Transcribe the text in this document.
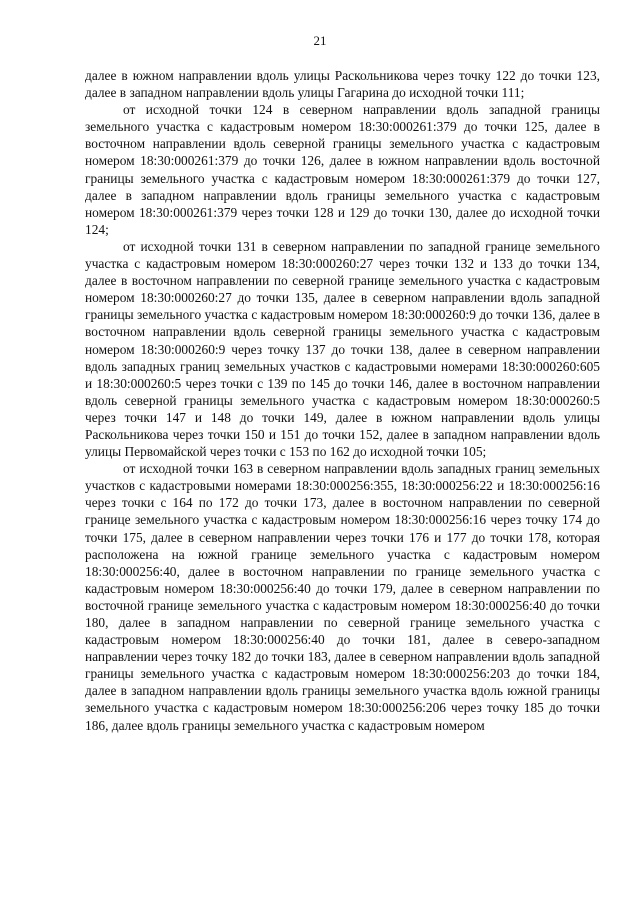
21

далее в южном направлении вдоль улицы Раскольникова через точку 122 до точки 123, далее в западном направлении вдоль улицы Гагарина до исходной точки 111;

от исходной точки 124 в северном направлении вдоль западной границы земельного участка с кадастровым номером 18:30:000261:379 до точки 125, далее в восточном направлении вдоль северной границы земельного участка с кадастровым номером 18:30:000261:379 до точки 126, далее в южном направлении вдоль восточной границы земельного участка с кадастровым номером 18:30:000261:379 до точки 127, далее в западном направлении вдоль границы земельного участка с кадастровым номером 18:30:000261:379 через точки 128 и 129 до точки 130, далее до исходной точки 124;

от исходной точки 131 в северном направлении по западной границе земельного участка с кадастровым номером 18:30:000260:27 через точки 132 и 133 до точки 134, далее в восточном направлении по северной границе земельного участка с кадастровым номером 18:30:000260:27 до точки 135, далее в северном направлении вдоль западной границы земельного участка с кадастровым номером 18:30:000260:9 до точки 136, далее в восточном направлении вдоль северной границы земельного участка с кадастровым номером 18:30:000260:9 через точку 137 до точки 138, далее в северном направлении вдоль западных границ земельных участков с кадастровыми номерами 18:30:000260:605 и 18:30:000260:5 через точки с 139 по 145 до точки 146, далее в восточном направлении вдоль северной границы земельного участка с кадастровым номером 18:30:000260:5 через точки 147 и 148 до точки 149, далее в южном направлении вдоль улицы Раскольникова через точки 150 и 151 до точки 152, далее в западном направлении вдоль улицы Первомайской через точки с 153 по 162 до исходной точки 105;

от исходной точки 163 в северном направлении вдоль западных границ земельных участков с кадастровыми номерами 18:30:000256:355, 18:30:000256:22 и 18:30:000256:16 через точки с 164 по 172 до точки 173, далее в восточном направлении по северной границе земельного участка с кадастровым номером 18:30:000256:16 через точку 174 до точки 175, далее в северном направлении через точки 176 и 177 до точки 178, которая расположена на южной границе земельного участка с кадастровым номером 18:30:000256:40, далее в восточном направлении по границе земельного участка с кадастровым номером 18:30:000256:40 до точки 179, далее в северном направлении по восточной границе земельного участка с кадастровым номером 18:30:000256:40 до точки 180, далее в западном направлении по северной границе земельного участка с кадастровым номером 18:30:000256:40 до точки 181, далее в северо-западном направлении через точку 182 до точки 183, далее в северном направлении вдоль западной границы земельного участка с кадастровым номером 18:30:000256:203 до точки 184, далее в западном направлении вдоль границы земельного участка вдоль южной границы земельного участка с кадастровым номером 18:30:000256:206 через точку 185 до точки 186, далее вдоль границы земельного участка с кадастровым номером
